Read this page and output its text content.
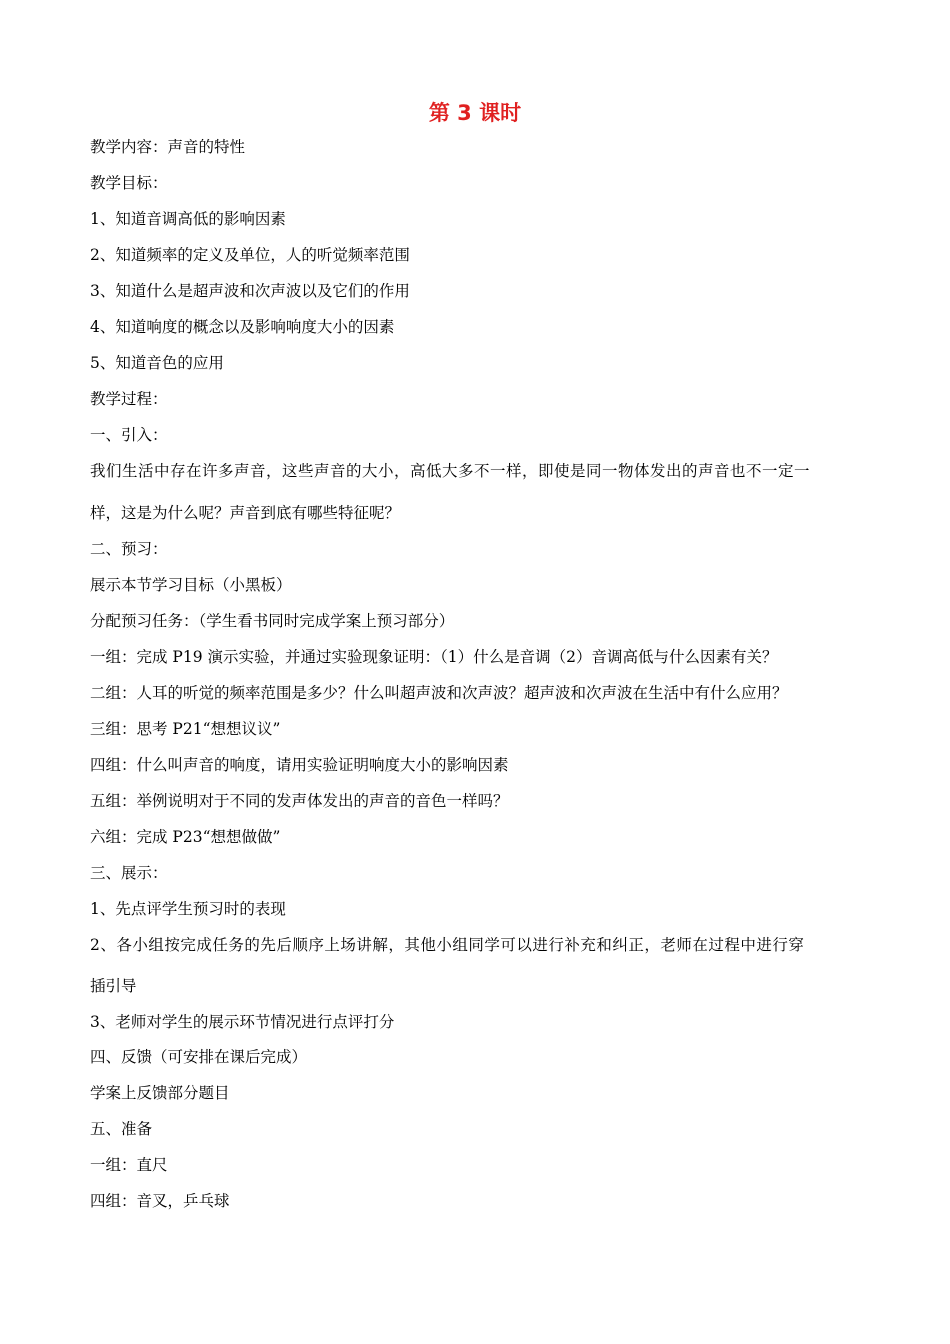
第 3 课时

教学内容：声音的特性

教学目标：

1、知道音调高低的影响因素

2、知道频率的定义及单位，人的听觉频率范围

3、知道什么是超声波和次声波以及它们的作用

4、知道响度的概念以及影响响度大小的因素

5、知道音色的应用

教学过程：

一、引入：

我们生活中存在许多声音，这些声音的大小，高低大多不一样，即使是同一物体发出的声音也不一定一

样，这是为什么呢？声音到底有哪些特征呢？

二、预习：

展示本节学习目标（小黑板）

分配预习任务：（学生看书同时完成学案上预习部分）

一组：完成 P19 演示实验，并通过实验现象证明：（1）什么是音调（2）音调高低与什么因素有关？

二组：人耳的听觉的频率范围是多少？什么叫超声波和次声波？超声波和次声波在生活中有什么应用？

三组：思考 P21“想想议议”

四组：什么叫声音的响度，请用实验证明响度大小的影响因素

五组：举例说明对于不同的发声体发出的声音的音色一样吗？

六组：完成 P23“想想做做”

三、展示：

1、先点评学生预习时的表现

2、各小组按完成任务的先后顺序上场讲解，其他小组同学可以进行补充和纠正，老师在过程中进行穿

插引导

3、老师对学生的展示环节情况进行点评打分

四、反馈（可安排在课后完成）

学案上反馈部分题目

五、准备

一组：直尺

四组：音叉，乒乓球
